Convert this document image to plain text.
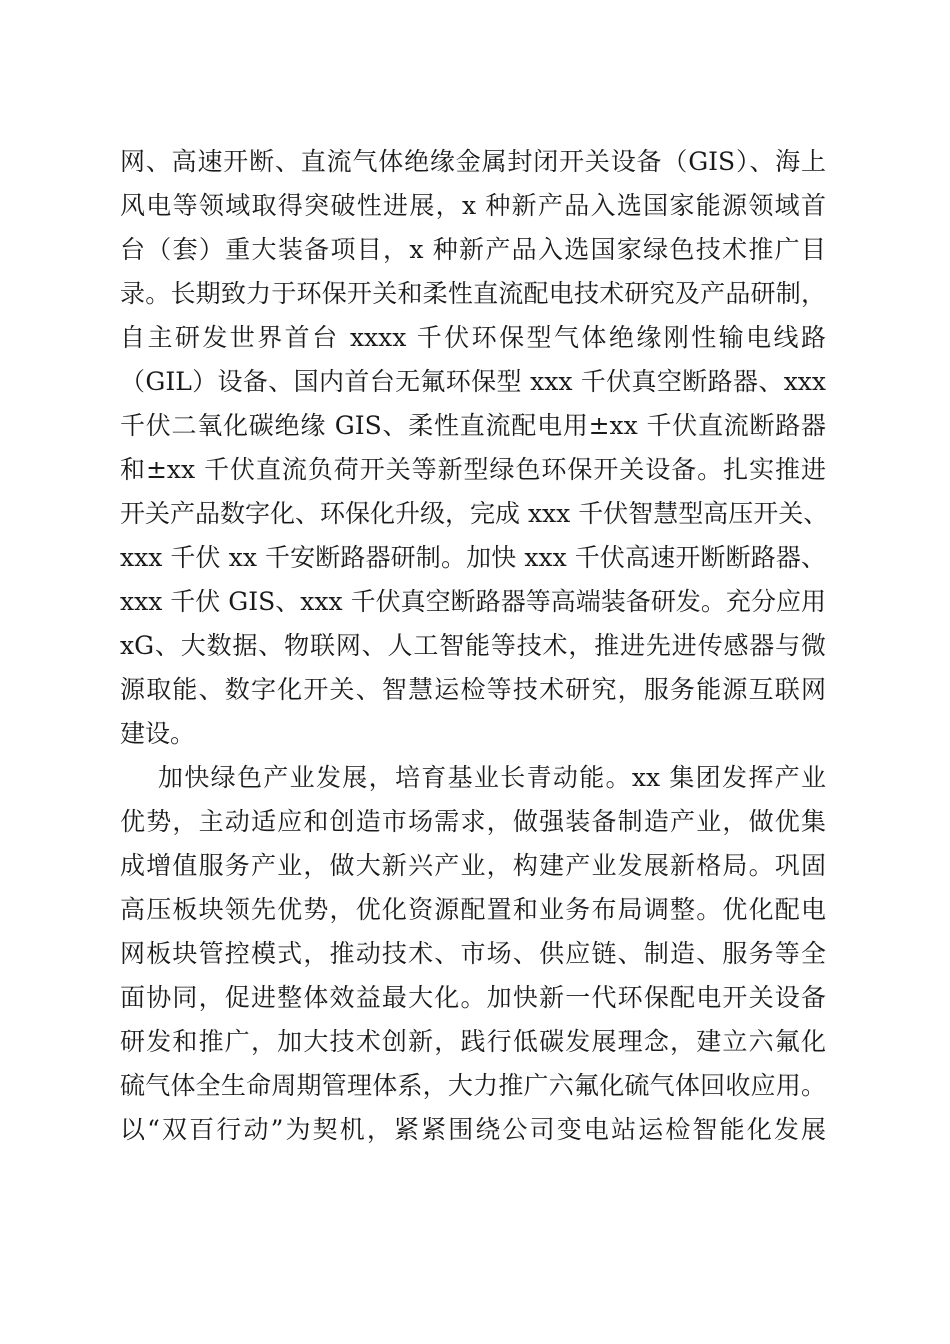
网、高速开断、直流气体绝缘金属封闭开关设备（GIS）、海上
风电等领域取得突破性进展，x 种新产品入选国家能源领域首
台（套）重大装备项目，x 种新产品入选国家绿色技术推广目
录。长期致力于环保开关和柔性直流配电技术研究及产品研制，
自主研发世界首台 xxxx 千伏环保型气体绝缘刚性输电线路
（GIL）设备、国内首台无氟环保型 xxx 千伏真空断路器、xxx
千伏二氧化碳绝缘 GIS、柔性直流配电用±xx 千伏直流断路器
和±xx 千伏直流负荷开关等新型绿色环保开关设备。扎实推进
开关产品数字化、环保化升级，完成 xxx 千伏智慧型高压开关、
xxx 千伏 xx 千安断路器研制。加快 xxx 千伏高速开断断路器、
xxx 千伏 GIS、xxx 千伏真空断路器等高端装备研发。充分应用
xG、大数据、物联网、人工智能等技术，推进先进传感器与微
源取能、数字化开关、智慧运检等技术研究，服务能源互联网
建设。
加快绿色产业发展，培育基业长青动能。xx 集团发挥产业
优势，主动适应和创造市场需求，做强装备制造产业，做优集
成增值服务产业，做大新兴产业，构建产业发展新格局。巩固
高压板块领先优势，优化资源配置和业务布局调整。优化配电
网板块管控模式，推动技术、市场、供应链、制造、服务等全
面协同，促进整体效益最大化。加快新一代环保配电开关设备
研发和推广，加大技术创新，践行低碳发展理念，建立六氟化
硫气体全生命周期管理体系，大力推广六氟化硫气体回收应用。
以“双百行动”为契机，紧紧围绕公司变电站运检智能化发展
